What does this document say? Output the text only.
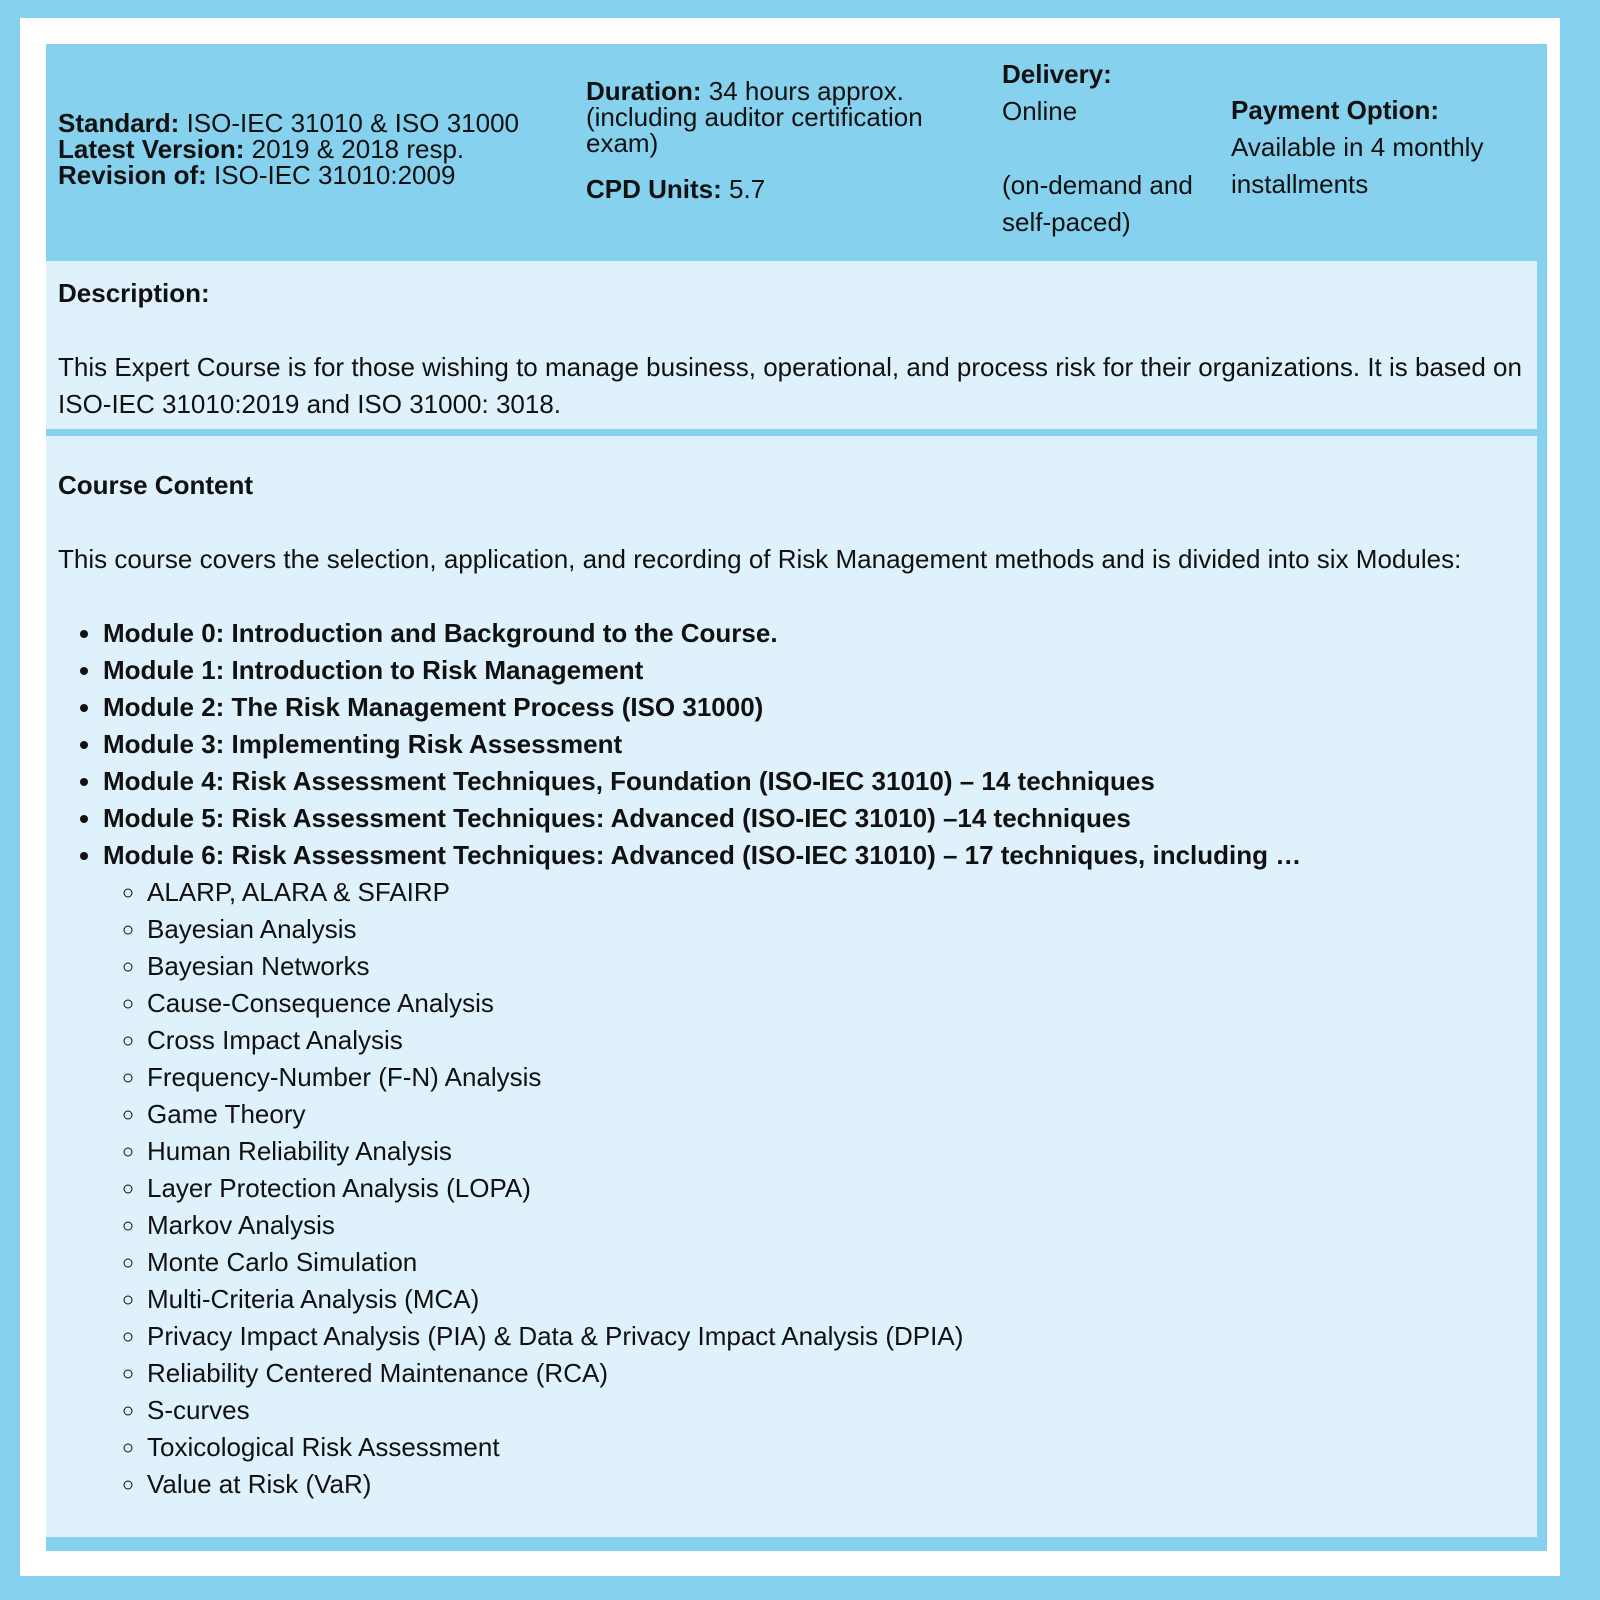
Standard: ISO-IEC 31010 & ISO 31000
Latest Version: 2019 & 2018 resp.
Revision of: ISO-IEC 31010:2009
Duration: 34 hours approx. (including auditor certification exam)
CPD Units: 5.7
Delivery:
Online
(on-demand and self-paced)
Payment Option:
Available in 4 monthly installments

Description:

This Expert Course is for those wishing to manage business, operational, and process risk for their organizations. It is based on ISO-IEC 31010:2019 and ISO 31000: 3018.

Course Content

This course covers the selection, application, and recording of Risk Management methods and is divided into six Modules:

• Module 0: Introduction and Background to the Course.
• Module 1: Introduction to Risk Management
• Module 2: The Risk Management Process (ISO 31000)
• Module 3: Implementing Risk Assessment
• Module 4: Risk Assessment Techniques, Foundation (ISO-IEC 31010) – 14 techniques
• Module 5: Risk Assessment Techniques: Advanced (ISO-IEC 31010) –14 techniques
• Module 6: Risk Assessment Techniques: Advanced (ISO-IEC 31010) – 17 techniques, including …
◦ ALARP, ALARA & SFAIRP
◦ Bayesian Analysis
◦ Bayesian Networks
◦ Cause-Consequence Analysis
◦ Cross Impact Analysis
◦ Frequency-Number (F-N) Analysis
◦ Game Theory
◦ Human Reliability Analysis
◦ Layer Protection Analysis (LOPA)
◦ Markov Analysis
◦ Monte Carlo Simulation
◦ Multi-Criteria Analysis (MCA)
◦ Privacy Impact Analysis (PIA) & Data & Privacy Impact Analysis (DPIA)
◦ Reliability Centered Maintenance (RCA)
◦ S-curves
◦ Toxicological Risk Assessment
◦ Value at Risk (VaR)
